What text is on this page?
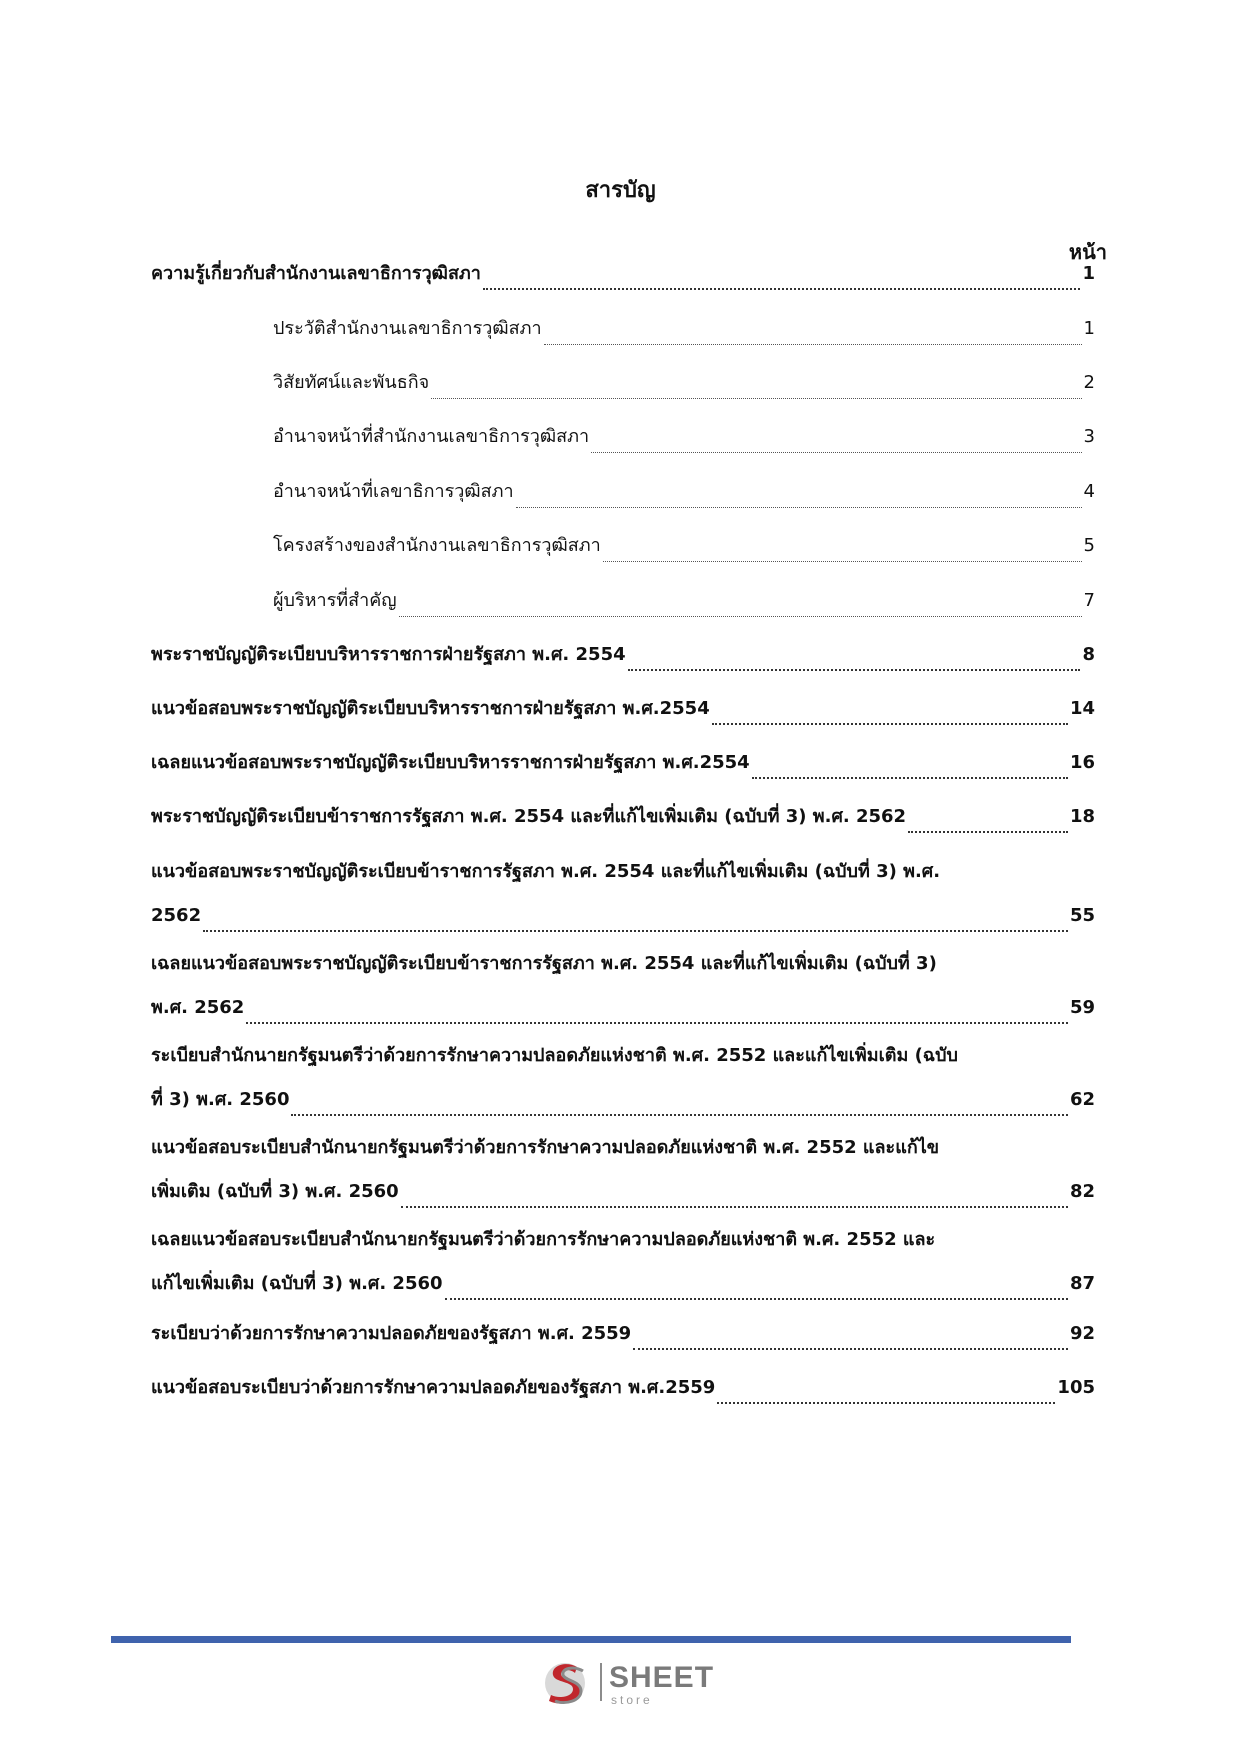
สารบัญ
หน้า
ความรู้เกี่ยวกับสำนักงานเลขาธิการวุฒิสภา	1
ประวัติสำนักงานเลขาธิการวุฒิสภา	1
วิสัยทัศน์และพันธกิจ	2
อำนาจหน้าที่สำนักงานเลขาธิการวุฒิสภา	3
อำนาจหน้าที่เลขาธิการวุฒิสภา	4
โครงสร้างของสำนักงานเลขาธิการวุฒิสภา	5
ผู้บริหารที่สำคัญ	7
พระราชบัญญัติระเบียบบริหารราชการฝ่ายรัฐสภา พ.ศ. 2554	8
แนวข้อสอบพระราชบัญญัติระเบียบบริหารราชการฝ่ายรัฐสภา พ.ศ.2554	14
เฉลยแนวข้อสอบพระราชบัญญัติระเบียบบริหารราชการฝ่ายรัฐสภา พ.ศ.2554	16
พระราชบัญญัติระเบียบข้าราชการรัฐสภา พ.ศ. 2554 และที่แก้ไขเพิ่มเติม (ฉบับที่ 3) พ.ศ. 2562	18
แนวข้อสอบพระราชบัญญัติระเบียบข้าราชการรัฐสภา พ.ศ. 2554 และที่แก้ไขเพิ่มเติม (ฉบับที่ 3) พ.ศ.
2562	55
เฉลยแนวข้อสอบพระราชบัญญัติระเบียบข้าราชการรัฐสภา พ.ศ. 2554 และที่แก้ไขเพิ่มเติม (ฉบับที่ 3)
พ.ศ. 2562	59
ระเบียบสำนักนายกรัฐมนตรีว่าด้วยการรักษาความปลอดภัยแห่งชาติ พ.ศ. 2552 และแก้ไขเพิ่มเติม (ฉบับ
ที่ 3) พ.ศ. 2560	62
แนวข้อสอบระเบียบสำนักนายกรัฐมนตรีว่าด้วยการรักษาความปลอดภัยแห่งชาติ พ.ศ. 2552 และแก้ไข
เพิ่มเติม (ฉบับที่ 3) พ.ศ. 2560	82
เฉลยแนวข้อสอบระเบียบสำนักนายกรัฐมนตรีว่าด้วยการรักษาความปลอดภัยแห่งชาติ พ.ศ. 2552 และ
แก้ไขเพิ่มเติม (ฉบับที่ 3) พ.ศ. 2560	87
ระเบียบว่าด้วยการรักษาความปลอดภัยของรัฐสภา พ.ศ. 2559	92
แนวข้อสอบระเบียบว่าด้วยการรักษาความปลอดภัยของรัฐสภา พ.ศ.2559	105
SHEET
store
